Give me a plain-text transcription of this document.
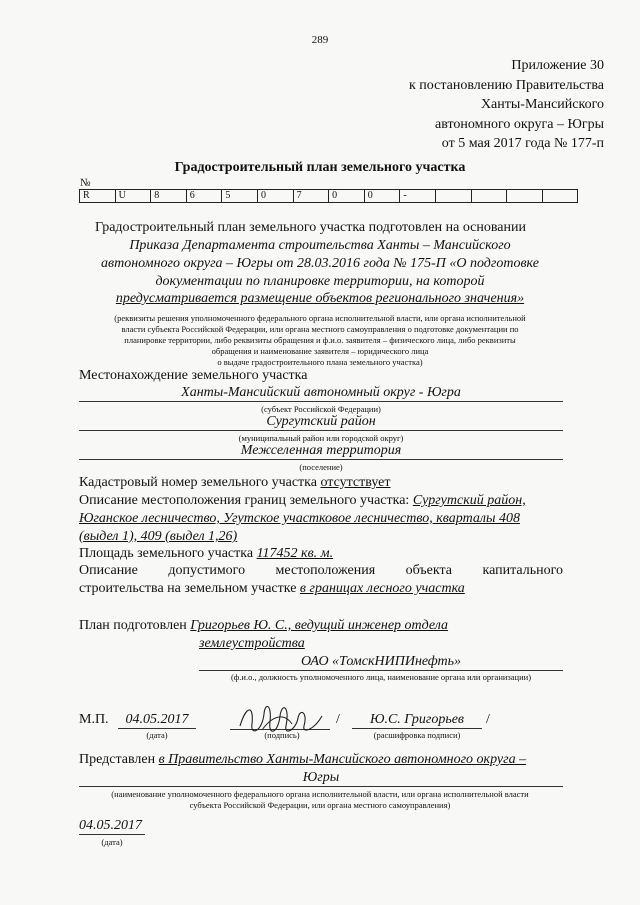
289
Приложение 30
к постановлению Правительства
Ханты-Мансийского
автономного округа – Югры
от 5 мая 2017 года № 177-п
Градостроительный план земельного участка
№
R	U	8	6	5	0	7	0	0	-				
Градостроительный план земельного участка подготовлен на основании
Приказа Департамента строительства Ханты – Мансийского
автономного округа – Югры от 28.03.2016 года № 175-П «О подготовке
документации по планировке территории, на которой
предусматривается размещение объектов регионального значения»
(реквизиты решения уполномоченного федерального органа исполнительной власти, или органа исполнительной
власти субъекта Российской Федерации, или органа местного самоуправления о подготовке документации по
планировке территории, либо реквизиты обращения и ф.и.о. заявителя – физического лица, либо реквизиты
обращения и наименование заявителя – юридического лица
о выдаче градостроительного плана земельного участка)
Местонахождение земельного участка
Ханты-Мансийский автономный округ - Югра
(субъект Российской Федерации)
Сургутский район
(муниципальный район или городской округ)
Межселенная территория
(поселение)
Кадастровый номер земельного участка отсутствует
Описание местоположения границ земельного участка: Сургутский район,
Юганское лесничество, Угутское участковое лесничество, кварталы 408
(выдел 1), 409 (выдел 1,26)
Площадь земельного участка 117452 кв. м.
Описание допустимого местоположения объекта капитального
строительства на земельном участке в границах лесного участка
План подготовлен Григорьев Ю. С., ведущий инженер отдела
землеустройства
ОАО «ТомскНИПИнефть»
(ф.и.о., должность уполномоченного лица, наименование органа или организации)
М.П.	04.05.2017
(дата)	(подпись)
/	Ю.С. Григорьев	/
(расшифровка подписи)
Представлен в Правительство Ханты-Мансийского автономного округа –
Югры
(наименование уполномоченного федерального органа исполнительной власти, или органа исполнительной власти
субъекта Российской Федерации, или органа местного самоуправления)
04.05.2017
(дата)
